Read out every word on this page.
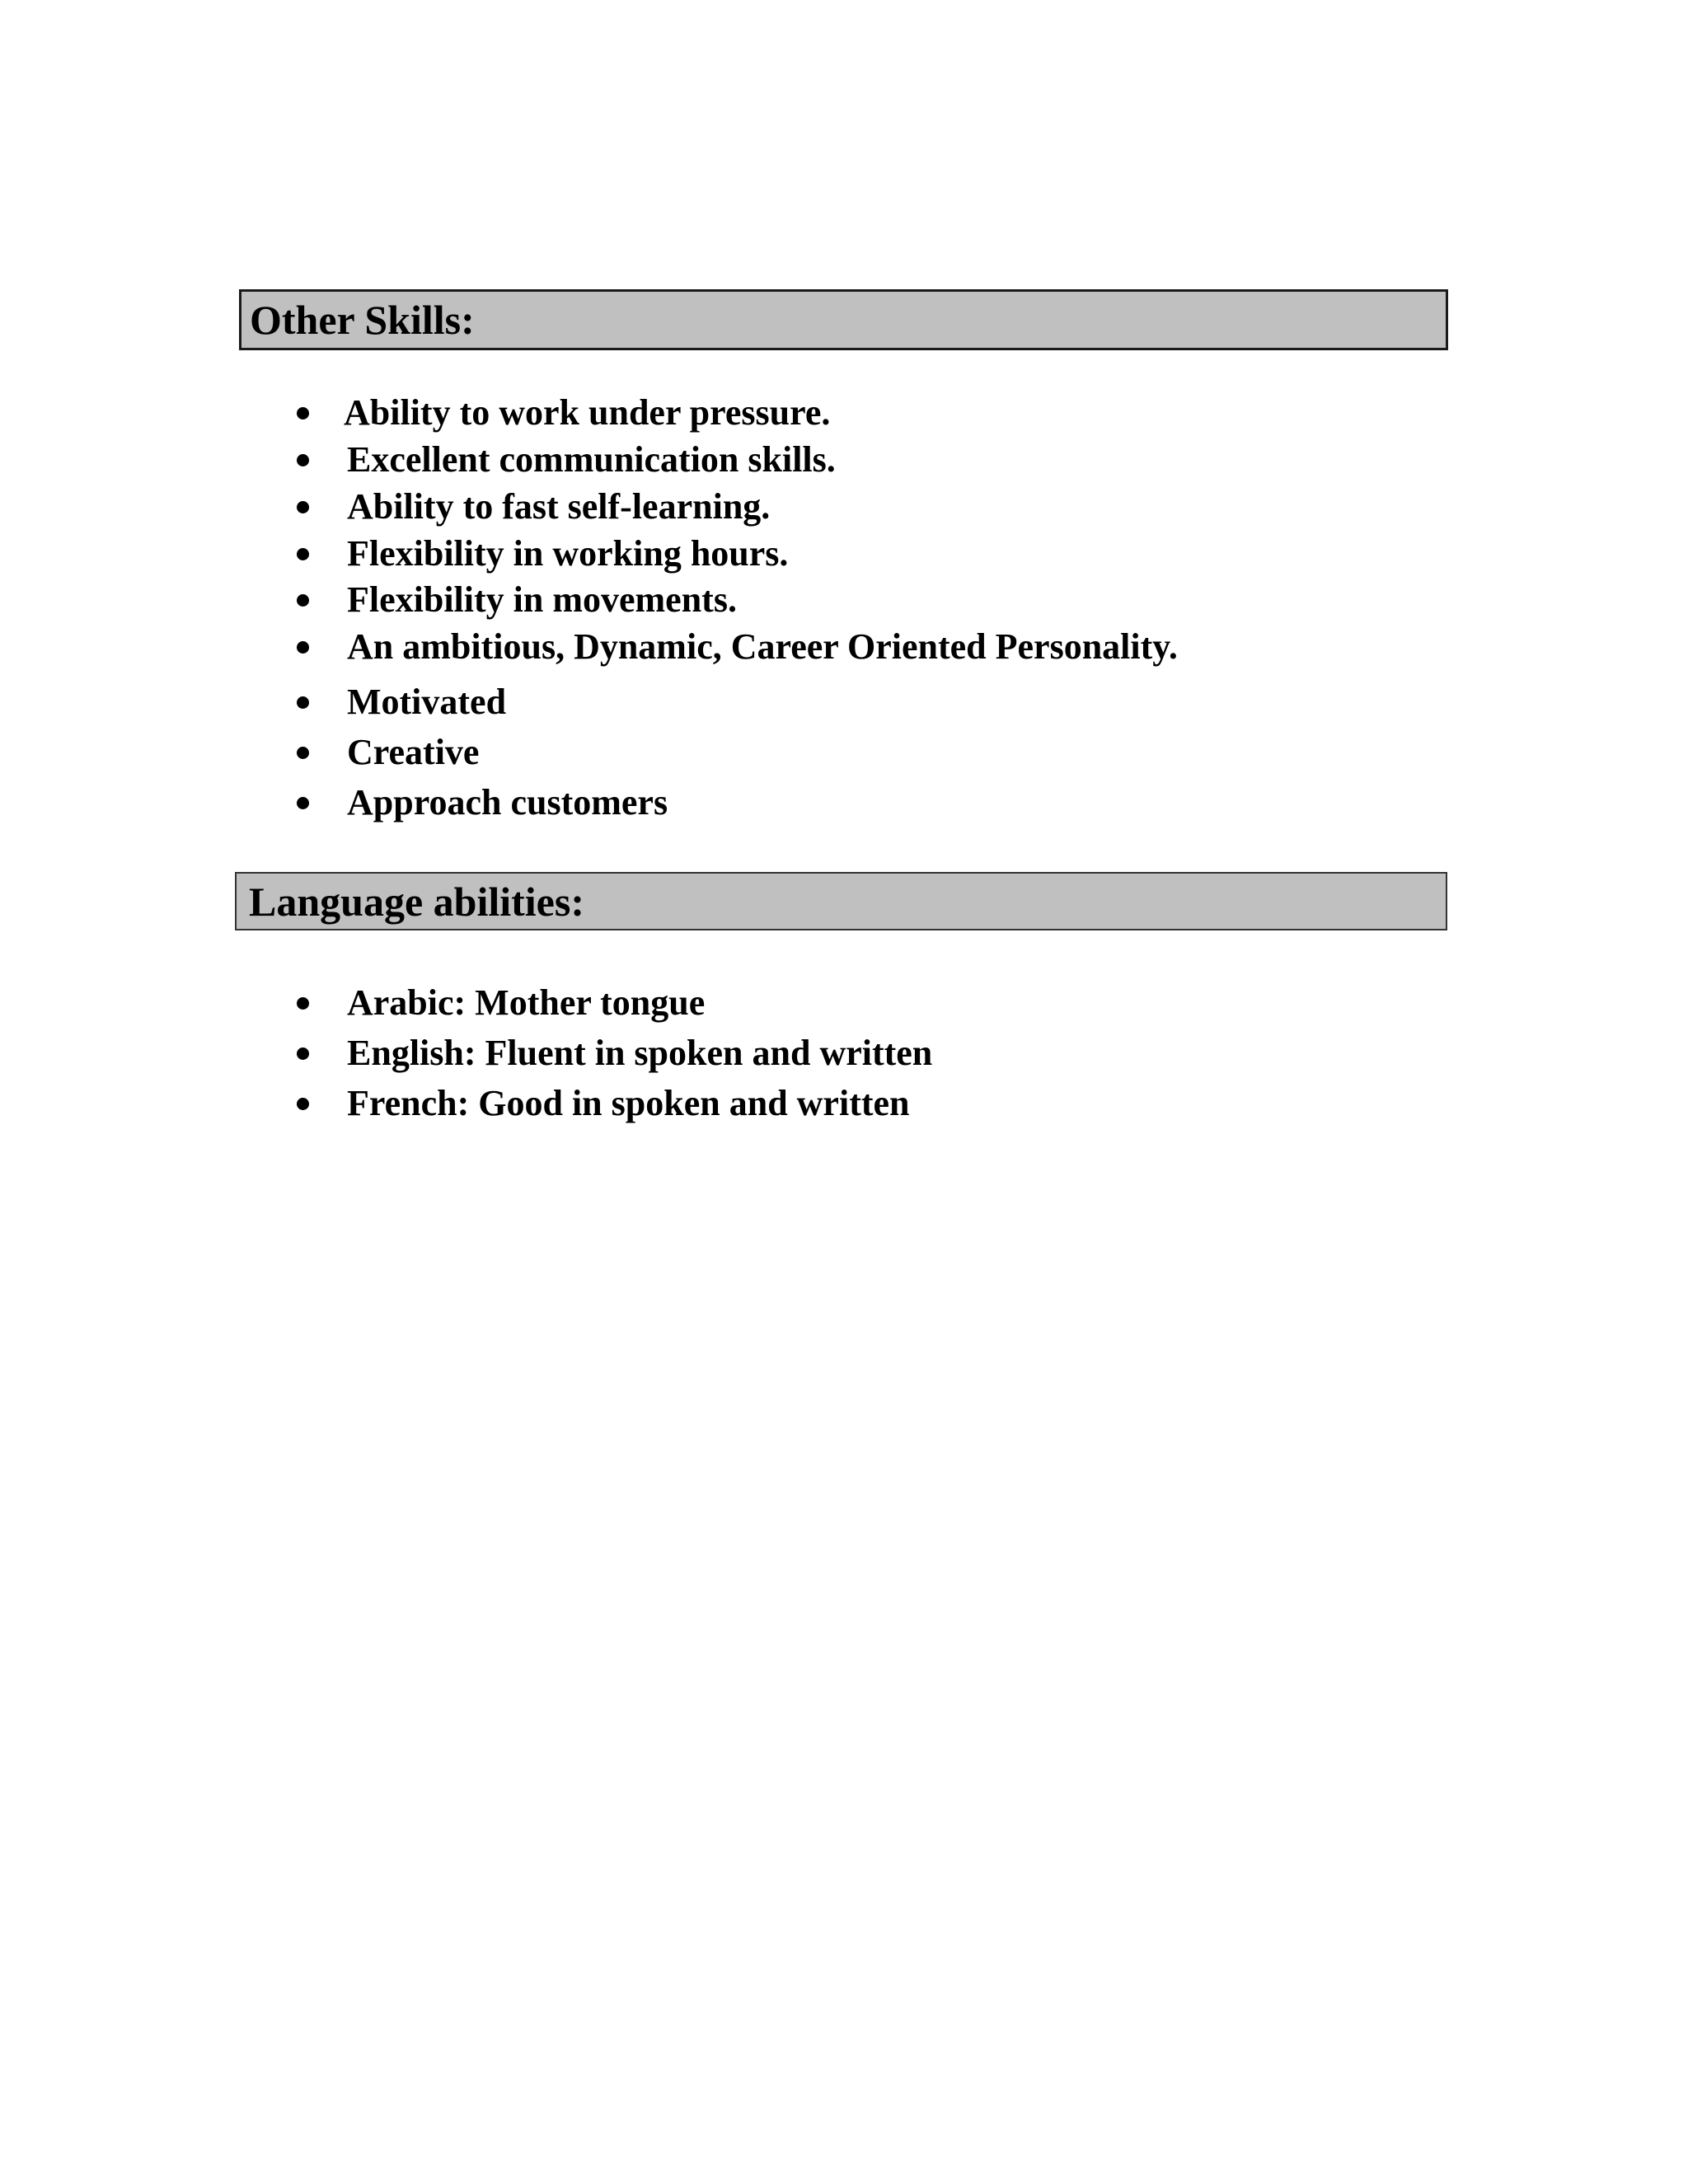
Other Skills:
Ability to work under pressure.
Excellent communication skills.
Ability to fast self-learning.
Flexibility in working hours.
Flexibility in movements.
An ambitious, Dynamic, Career Oriented Personality.
Motivated
Creative
Approach customers
Language abilities:
Arabic: Mother tongue
English: Fluent in spoken and written
French: Good in spoken and written
